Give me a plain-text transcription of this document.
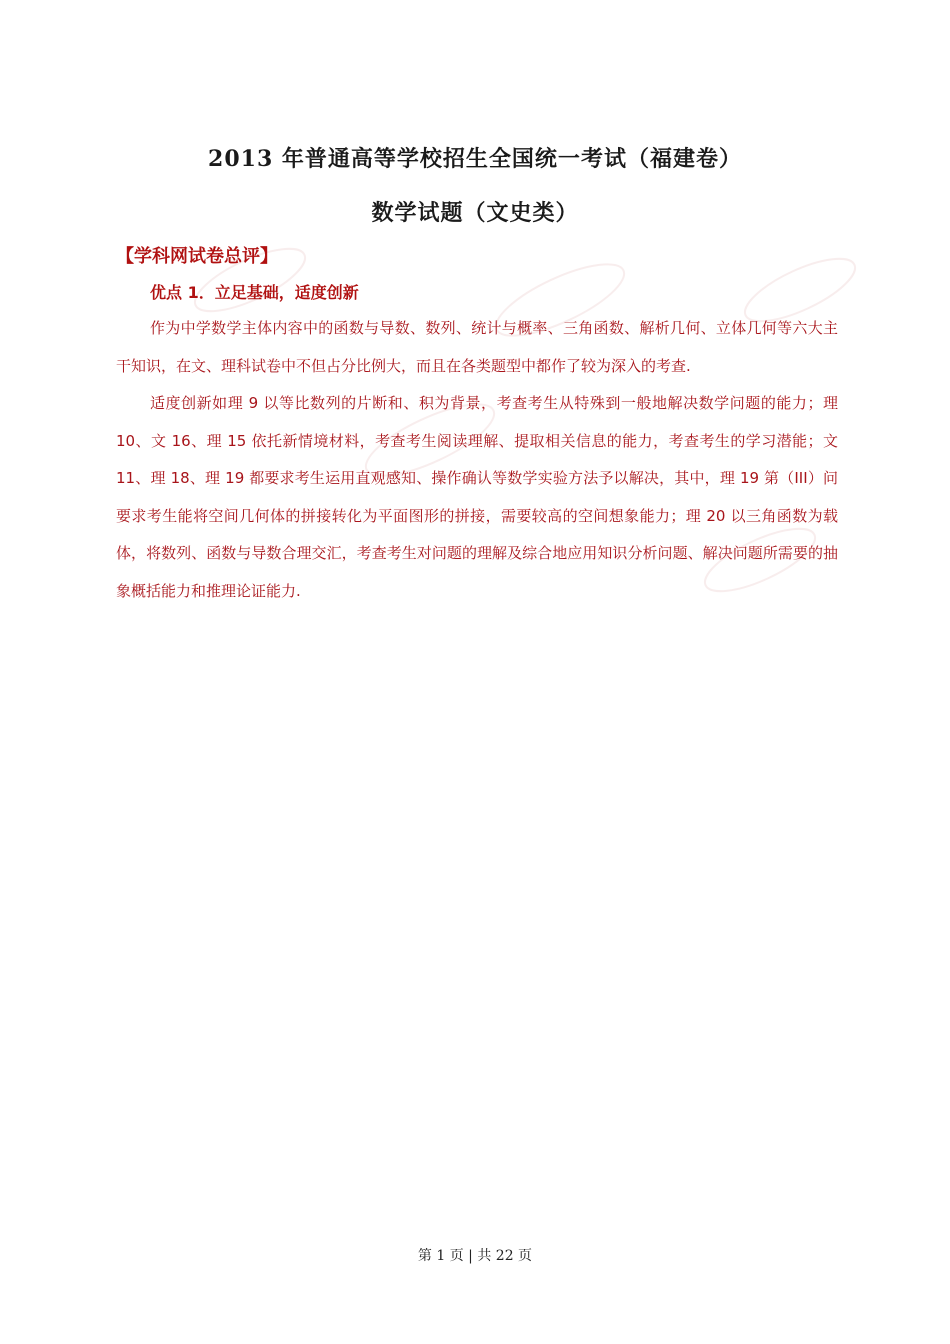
2013 年普通高等学校招生全国统一考试（福建卷）
数学试题（文史类）
【学科网试卷总评】
优点 1．立足基础，适度创新

作为中学数学主体内容中的函数与导数、数列、统计与概率、三角函数、解析几何、立体几何等六大主干知识，在文、理科试卷中不但占分比例大，而且在各类题型中都作了较为深入的考查.

适度创新如理 9 以等比数列的片断和、积为背景，考查考生从特殊到一般地解决数学问题的能力；理 10、文 16、理 15 依托新情境材料，考查考生阅读理解、提取相关信息的能力，考查考生的学习潜能；文 11、理 18、理 19 都要求考生运用直观感知、操作确认等数学实验方法予以解决，其中，理 19 第（III）问要求考生能将空间几何体的拼接转化为平面图形的拼接，需要较高的空间想象能力；理 20 以三角函数为载体，将数列、函数与导数合理交汇，考查考生对问题的理解及综合地应用知识分析问题、解决问题所需要的抽象概括能力和推理论证能力.

第 1 页 | 共 22 页
